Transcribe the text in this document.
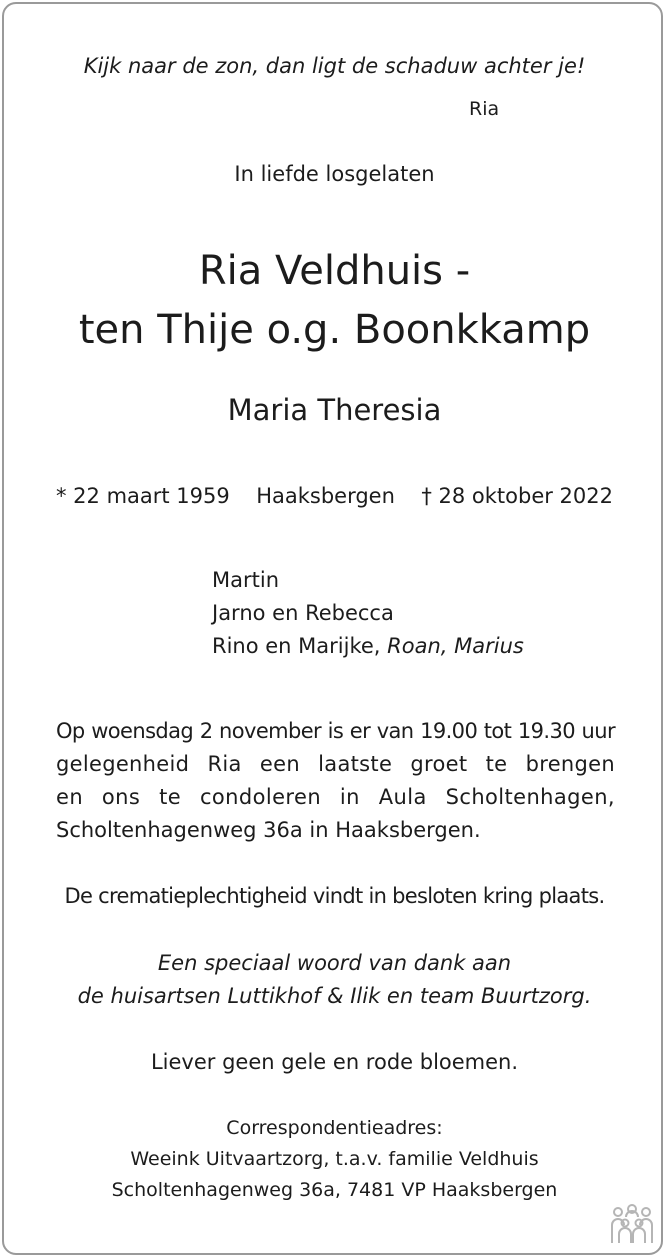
Kijk naar de zon, dan ligt de schaduw achter je!
Ria
In liefde losgelaten
Ria Veldhuis -
ten Thije o.g. Boonkkamp
Maria Theresia
* 22 maart 1959 Haaksbergen † 28 oktober 2022
Martin
Jarno en Rebecca
Rino en Marijke, Roan, Marius
Op woensdag 2 november is er van 19.00 tot 19.30 uur
gelegenheid Ria een laatste groet te brengen
en ons te condoleren in Aula Scholtenhagen,
Scholtenhagenweg 36a in Haaksbergen.
De crematieplechtigheid vindt in besloten kring plaats.
Een speciaal woord van dank aan
de huisartsen Luttikhof & Ilik en team Buurtzorg.
Liever geen gele en rode bloemen.
Correspondentieadres:
Weeink Uitvaartzorg, t.a.v. familie Veldhuis
Scholtenhagenweg 36a, 7481 VP Haaksbergen
